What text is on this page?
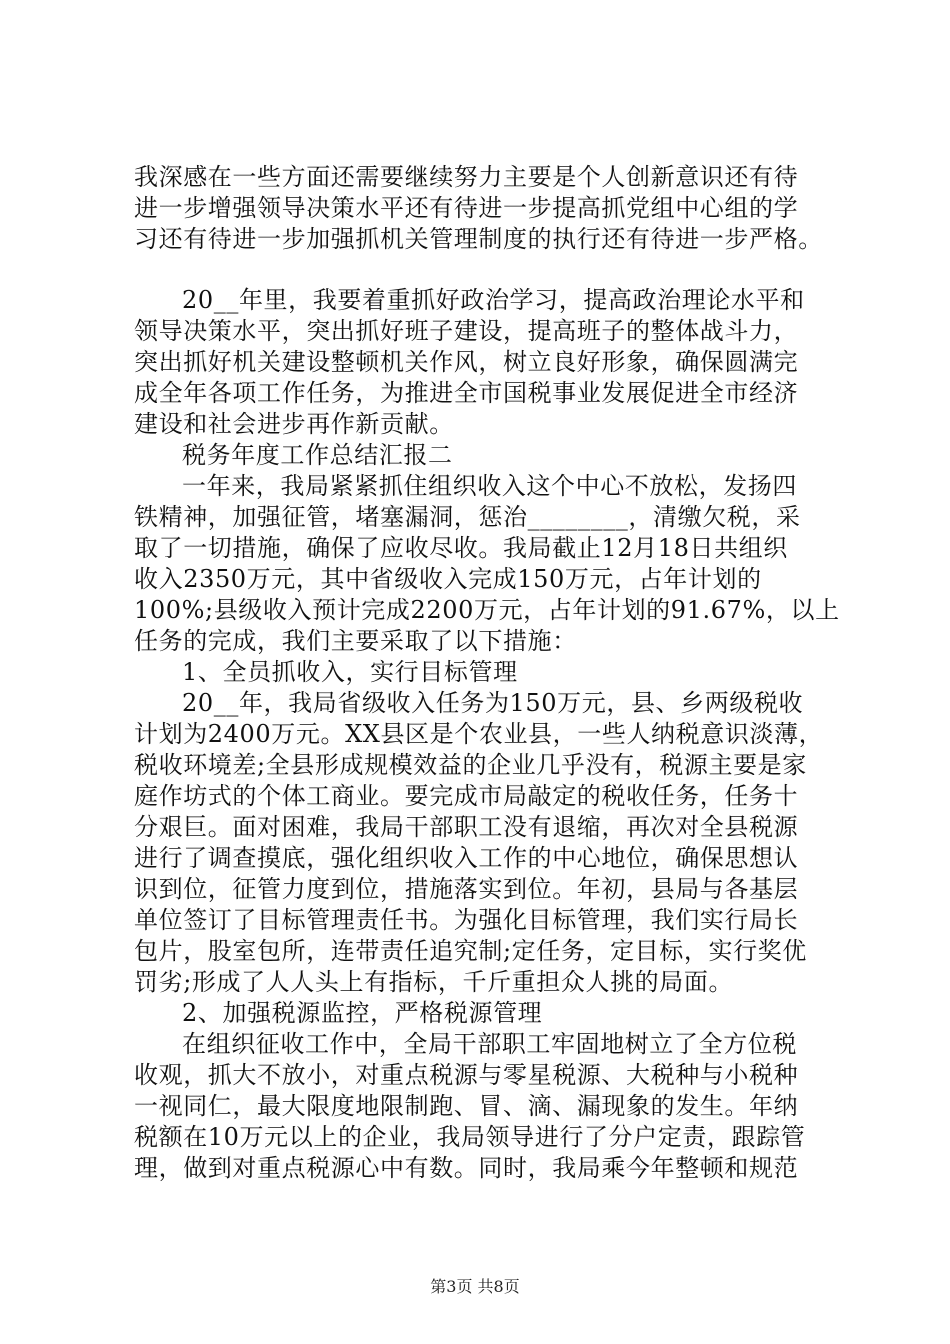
我深感在一些方面还需要继续努力主要是个人创新意识还有待
进一步增强领导决策水平还有待进一步提高抓党组中心组的学
习还有待进一步加强抓机关管理制度的执行还有待进一步严格。
20__年里，我要着重抓好政治学习，提高政治理论水平和
领导决策水平，突出抓好班子建设，提高班子的整体战斗力，
突出抓好机关建设整顿机关作风，树立良好形象，确保圆满完
成全年各项工作任务，为推进全市国税事业发展促进全市经济
建设和社会进步再作新贡献。
税务年度工作总结汇报二
一年来，我局紧紧抓住组织收入这个中心不放松，发扬四
铁精神，加强征管，堵塞漏洞，惩治________，清缴欠税，采
取了一切措施，确保了应收尽收。我局截止12月18日共组织
收入2350万元，其中省级收入完成150万元，占年计划的
100%;县级收入预计完成2200万元，占年计划的91.67%，以上
任务的完成，我们主要采取了以下措施：
1、全员抓收入，实行目标管理
20__年，我局省级收入任务为150万元，县、乡两级税收
计划为2400万元。XX县区是个农业县，一些人纳税意识淡薄，
税收环境差;全县形成规模效益的企业几乎没有，税源主要是家
庭作坊式的个体工商业。要完成市局敲定的税收任务，任务十
分艰巨。面对困难，我局干部职工没有退缩，再次对全县税源
进行了调查摸底，强化组织收入工作的中心地位，确保思想认
识到位，征管力度到位，措施落实到位。年初，县局与各基层
单位签订了目标管理责任书。为强化目标管理，我们实行局长
包片，股室包所，连带责任追究制;定任务，定目标，实行奖优
罚劣;形成了人人头上有指标，千斤重担众人挑的局面。
2、加强税源监控，严格税源管理
在组织征收工作中，全局干部职工牢固地树立了全方位税
收观，抓大不放小，对重点税源与零星税源、大税种与小税种
一视同仁，最大限度地限制跑、冒、滴、漏现象的发生。年纳
税额在10万元以上的企业，我局领导进行了分户定责，跟踪管
理，做到对重点税源心中有数。同时，我局乘今年整顿和规范
第3页 共8页
